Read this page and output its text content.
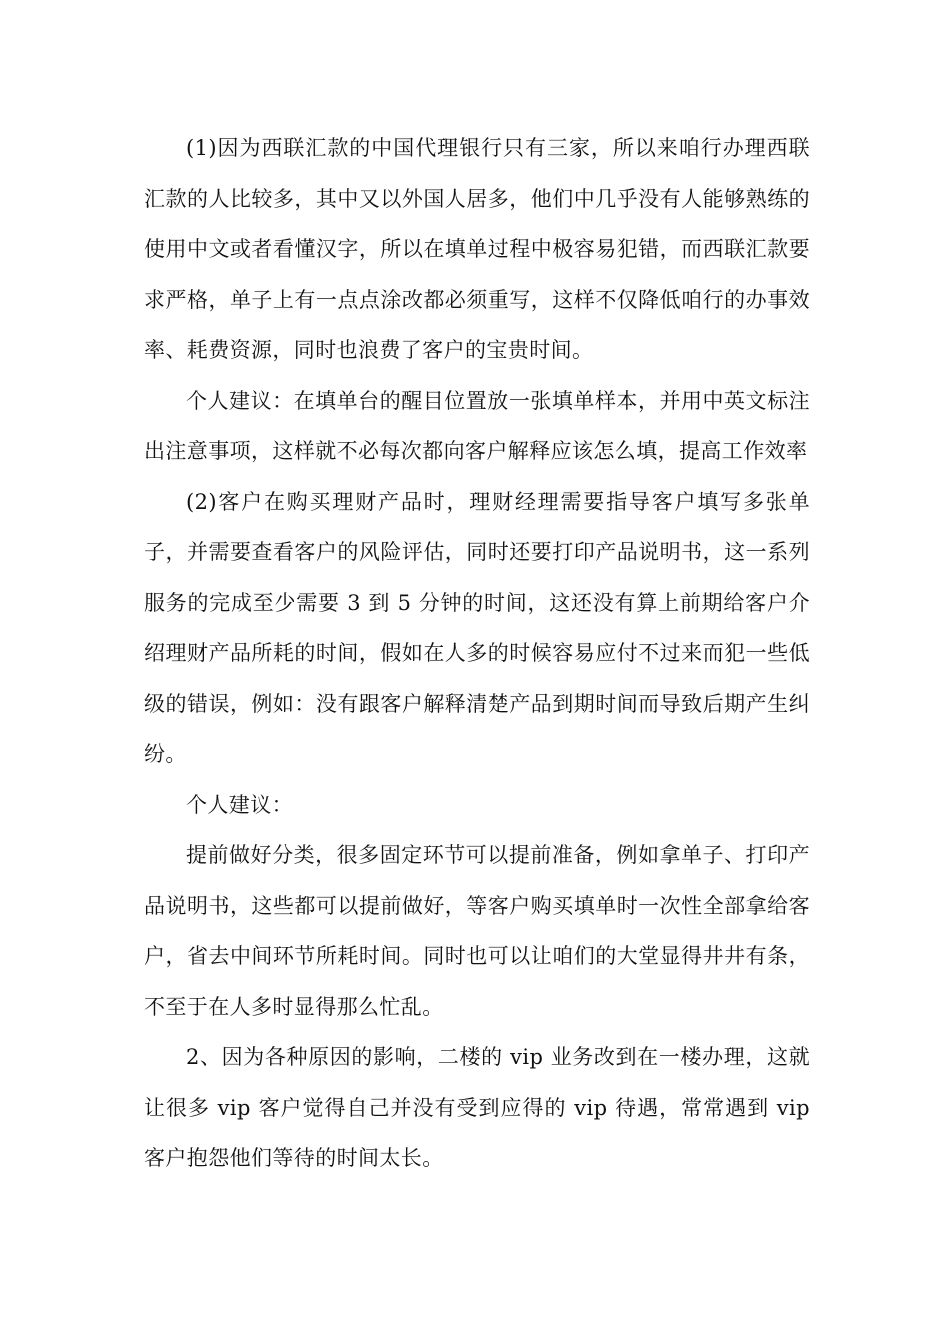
(1)因为西联汇款的中国代理银行只有三家，所以来咱行办理西联汇款的人比较多，其中又以外国人居多，他们中几乎没有人能够熟练的使用中文或者看懂汉字，所以在填单过程中极容易犯错，而西联汇款要求严格，单子上有一点点涂改都必须重写，这样不仅降低咱行的办事效率、耗费资源，同时也浪费了客户的宝贵时间。

个人建议：在填单台的醒目位置放一张填单样本，并用中英文标注出注意事项，这样就不必每次都向客户解释应该怎么填，提高工作效率

(2)客户在购买理财产品时，理财经理需要指导客户填写多张单子，并需要查看客户的风险评估，同时还要打印产品说明书，这一系列服务的完成至少需要 3 到 5 分钟的时间，这还没有算上前期给客户介绍理财产品所耗的时间，假如在人多的时候容易应付不过来而犯一些低级的错误，例如：没有跟客户解释清楚产品到期时间而导致后期产生纠纷。

个人建议：

提前做好分类，很多固定环节可以提前准备，例如拿单子、打印产品说明书，这些都可以提前做好，等客户购买填单时一次性全部拿给客户，省去中间环节所耗时间。同时也可以让咱们的大堂显得井井有条，不至于在人多时显得那么忙乱。

2、因为各种原因的影响，二楼的 vip 业务改到在一楼办理，这就让很多 vip 客户觉得自己并没有受到应得的 vip 待遇，常常遇到 vip 客户抱怨他们等待的时间太长。
